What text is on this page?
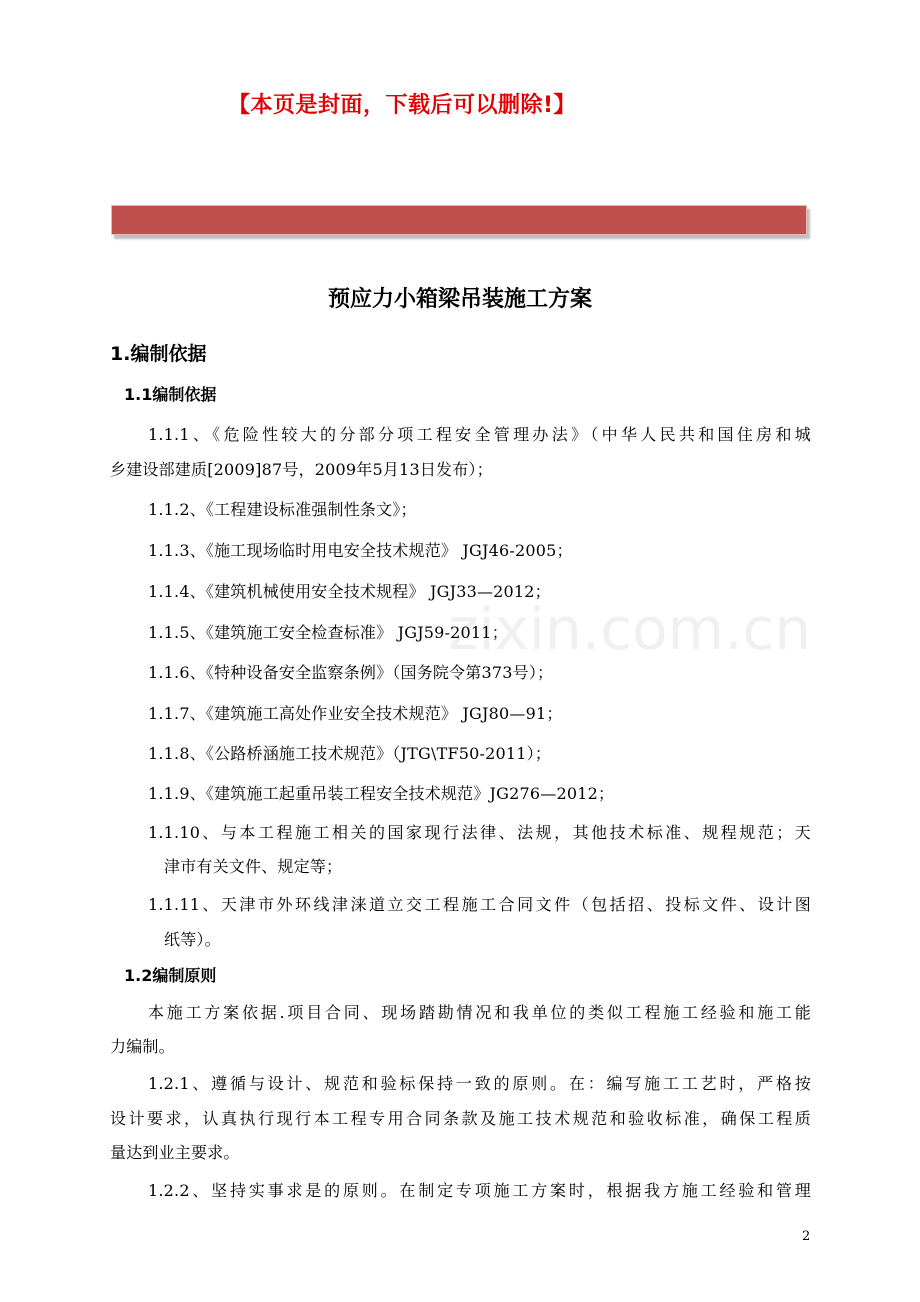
【本页是封面，下载后可以删除!】
预应力小箱梁吊装施工方案
1.编制依据
1.1编制依据
1.1.1、《危险性较大的分部分项工程安全管理办法》（中华人民共和国住房和城
乡建设部建质[2009]87号，2009年5月13日发布）；
1.1.2、《工程建设标准强制性条文》；
1.1.3、《施工现场临时用电安全技术规范》 JGJ46-2005；
1.1.4、《建筑机械使用安全技术规程》 JGJ33—2012；
1.1.5、《建筑施工安全检查标准》 JGJ59-2011；
1.1.6、《特种设备安全监察条例》（国务院令第373号）；
1.1.7、《建筑施工高处作业安全技术规范》 JGJ80—91；
1.1.8、《公路桥涵施工技术规范》（JTG\TF50-2011）；
1.1.9、《建筑施工起重吊装工程安全技术规范》JG276—2012；
1.1.10、与本工程施工相关的国家现行法律、法规，其他技术标准、规程规范；天
津市有关文件、规定等；
1.1.11、天津市外环线津涞道立交工程施工合同文件（包括招、投标文件、设计图
纸等）。
1.2编制原则
本施工方案依据.项目合同、现场踏勘情况和我单位的类似工程施工经验和施工能
力编制。
1.2.1、遵循与设计、规范和验标保持一致的原则。在：编写施工工艺时，严格按
设计要求，认真执行现行本工程专用合同条款及施工技术规范和验收标准，确保工程质
量达到业主要求。
1.2.2、坚持实事求是的原则。在制定专项施工方案时，根据我方施工经验和管理
zixin.com.cn
2
